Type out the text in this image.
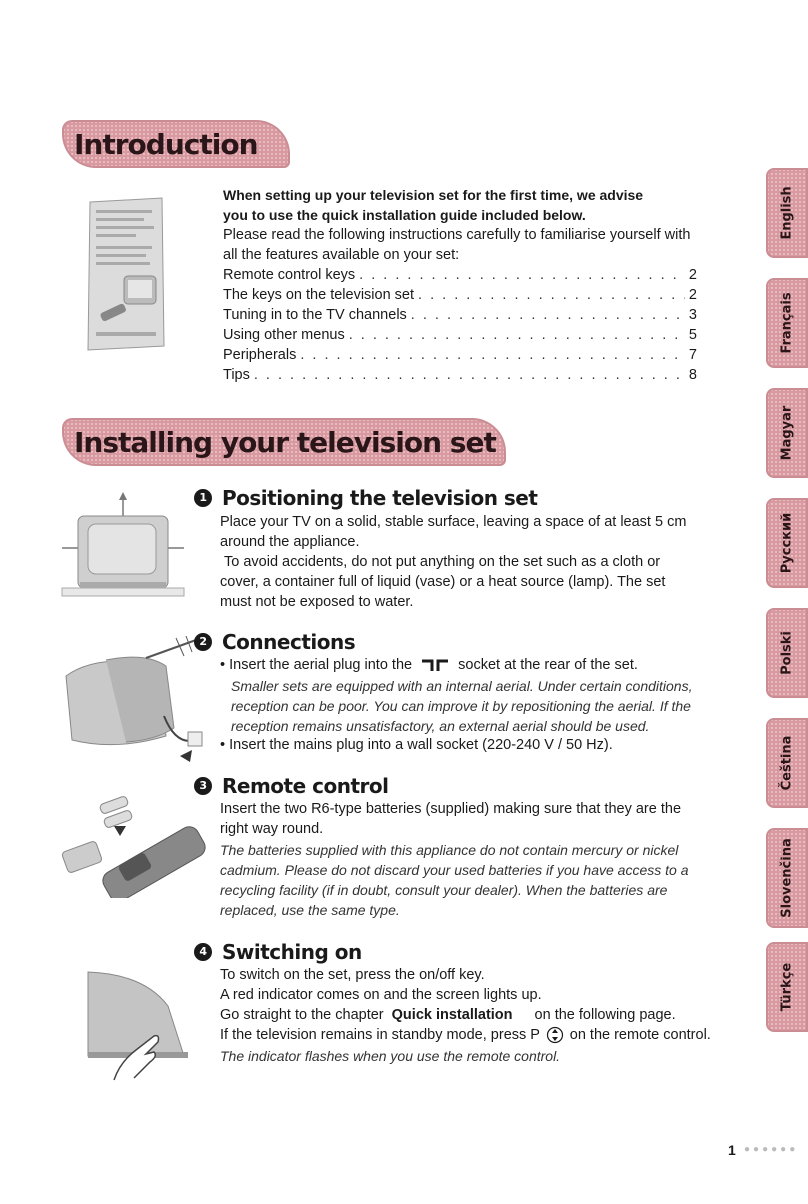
Introduction
When setting up your television set for the first time, we advise
you to use the quick installation guide included below.
Please read the following instructions carefully to familiarise yourself with all the features available on your set:
Remote control keys . . .	2
The keys on the television set . . .	2
Tuning in to the TV channels . . .	3
Using other menus . . .	5
Peripherals . . .	7
Tips . . .	8
Installing your television set
1 Positioning the television set
Place your TV on a solid, stable surface, leaving a space of at least 5 cm around the appliance.
To avoid accidents, do not put anything on the set such as a cloth or cover, a container full of liquid (vase) or a heat source (lamp). The set must not be exposed to water.
2 Connections
• Insert the aerial plug into the	socket at the rear of the set.
Smaller sets are equipped with an internal aerial. Under certain conditions, reception can be poor. You can improve it by repositioning the aerial. If the reception remains unsatisfactory, an external aerial should be used.
• Insert the mains plug into a wall socket (220-240 V / 50 Hz).
3 Remote control
Insert the two R6-type batteries (supplied) making sure that they are the right way round.
The batteries supplied with this appliance do not contain mercury or nickel cadmium. Please do not discard your used batteries if you have access to a recycling facility (if in doubt, consult your dealer). When the batteries are replaced, use the same type.
4 Switching on
To switch on the set, press the on/off key.
A red indicator comes on and the screen lights up.
Go straight to the chapter Quick installation on the following page.
If the television remains in standby mode, press P on the remote control.
The indicator flashes when you use the remote control.
English
Français
Magyar
Русский
Polski
Čeština
Slovenčina
Türkçe
1 ●●●●●●
